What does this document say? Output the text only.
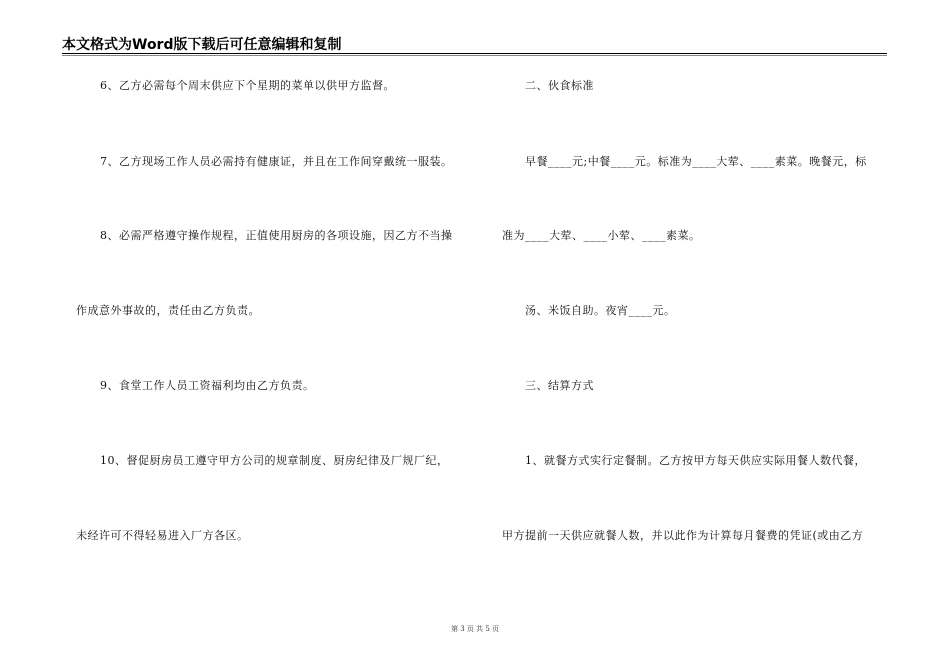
本文格式为Word版下载后可任意编辑和复制
6、乙方必需每个周末供应下个星期的菜单以供甲方监督。
7、乙方现场工作人员必需持有健康证，并且在工作间穿戴统一服装。
8、必需严格遵守操作规程，正值使用厨房的各项设施，因乙方不当操
作成意外事故的，责任由乙方负责。
9、食堂工作人员工资福利均由乙方负责。
10、督促厨房员工遵守甲方公司的规章制度、厨房纪律及厂规厂纪，
未经许可不得轻易进入厂方各区。
二、伙食标准
早餐____元;中餐____元。标准为____大荤、____素菜。晚餐元，标
准为____大荤、____小荤、____素菜。
汤、米饭自助。夜宵____元。
三、结算方式
1、就餐方式实行定餐制。乙方按甲方每天供应实际用餐人数代餐，
甲方提前一天供应就餐人数，并以此作为计算每月餐费的凭证(或由乙方
第 3 页 共 5 页
